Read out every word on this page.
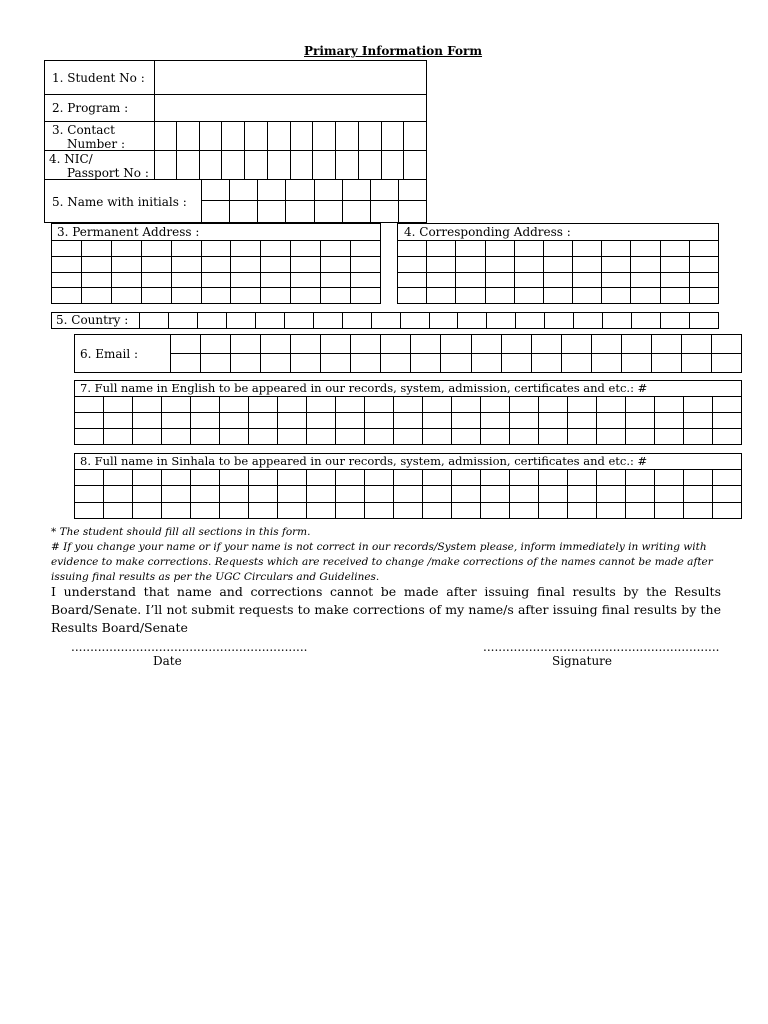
Primary Information Form
1. Student No :
2. Program :
3. Contact
Number :
4. NIC/
Passport No :
5. Name with initials :
3. Permanent Address :	4. Corresponding Address :
5. Country :
6. Email :
7. Full name in English to be appeared in our records, system, admission, certificates and etc.: #
8. Full name in Sinhala to be appeared in our records, system, admission, certificates and etc.: #
* The student should fill all sections in this form.
# If you change your name or if your name is not correct in our records/System please, inform immediately in writing with evidence to make corrections. Requests which are received to change /make corrections of the names cannot be made after issuing final results as per the UGC Circulars and Guidelines.
I understand that name and corrections cannot be made after issuing final results by the Results Board/Senate. I’ll not submit requests to make corrections of my name/s after issuing final results by the Results Board/Senate
..............................................................
Date
..............................................................
Signature
